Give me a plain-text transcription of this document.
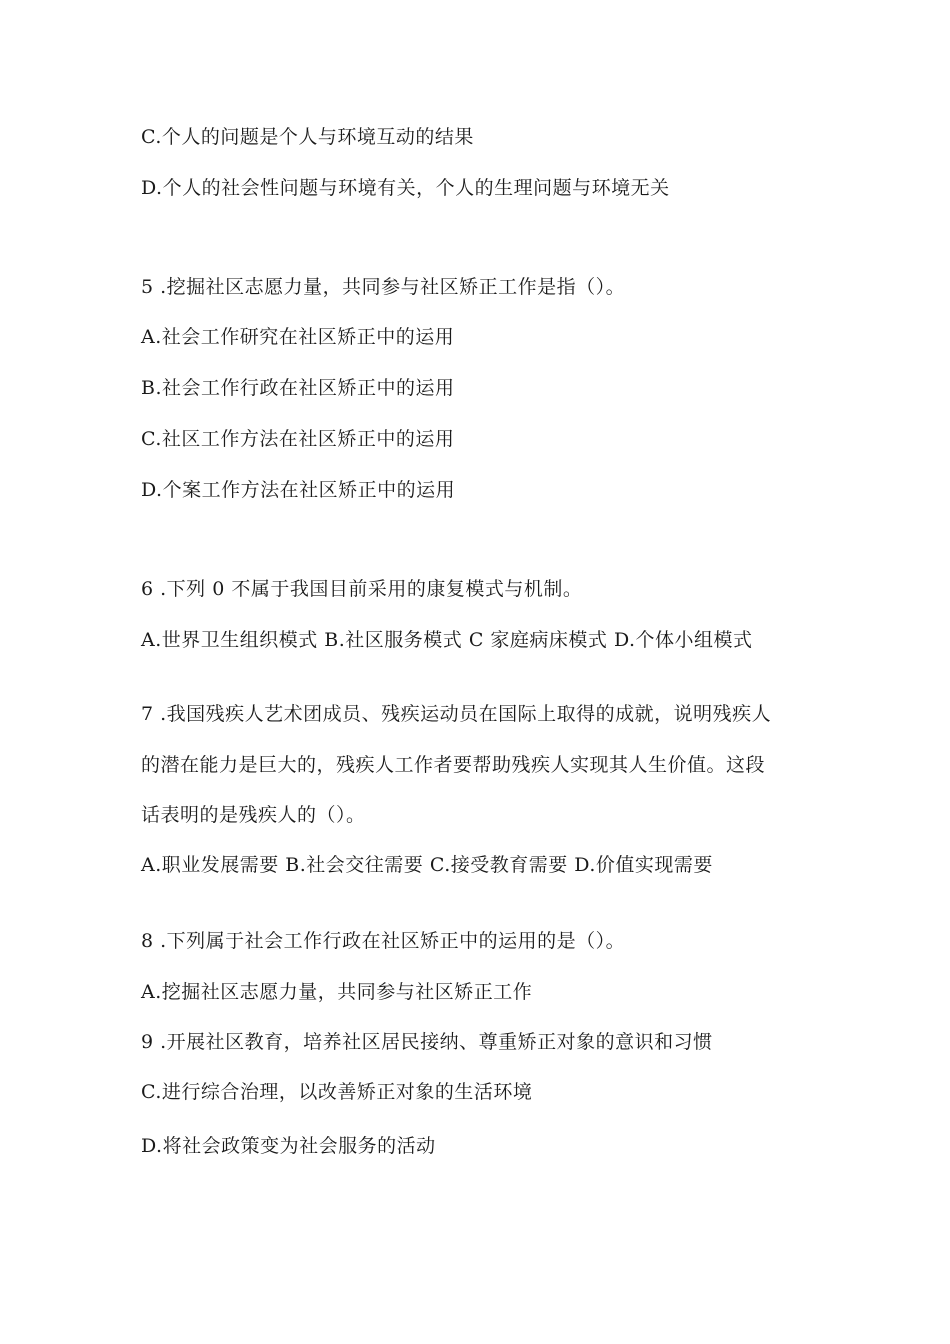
C.个人的问题是个人与环境互动的结果
D.个人的社会性问题与环境有关，个人的生理问题与环境无关
5 .挖掘社区志愿力量，共同参与社区矫正工作是指（）。
A.社会工作研究在社区矫正中的运用
B.社会工作行政在社区矫正中的运用
C.社区工作方法在社区矫正中的运用
D.个案工作方法在社区矫正中的运用
6 .下列 0 不属于我国目前采用的康复模式与机制。
A.世界卫生组织模式 B.社区服务模式 C 家庭病床模式 D.个体小组模式
7 .我国残疾人艺术团成员、残疾运动员在国际上取得的成就，说明残疾人
的潜在能力是巨大的，残疾人工作者要帮助残疾人实现其人生价值。这段
话表明的是残疾人的（）。
A.职业发展需要 B.社会交往需要 C.接受教育需要 D.价值实现需要
8 .下列属于社会工作行政在社区矫正中的运用的是（）。
A.挖掘社区志愿力量，共同参与社区矫正工作
9 .开展社区教育，培养社区居民接纳、尊重矫正对象的意识和习惯
C.进行综合治理，以改善矫正对象的生活环境
D.将社会政策变为社会服务的活动
